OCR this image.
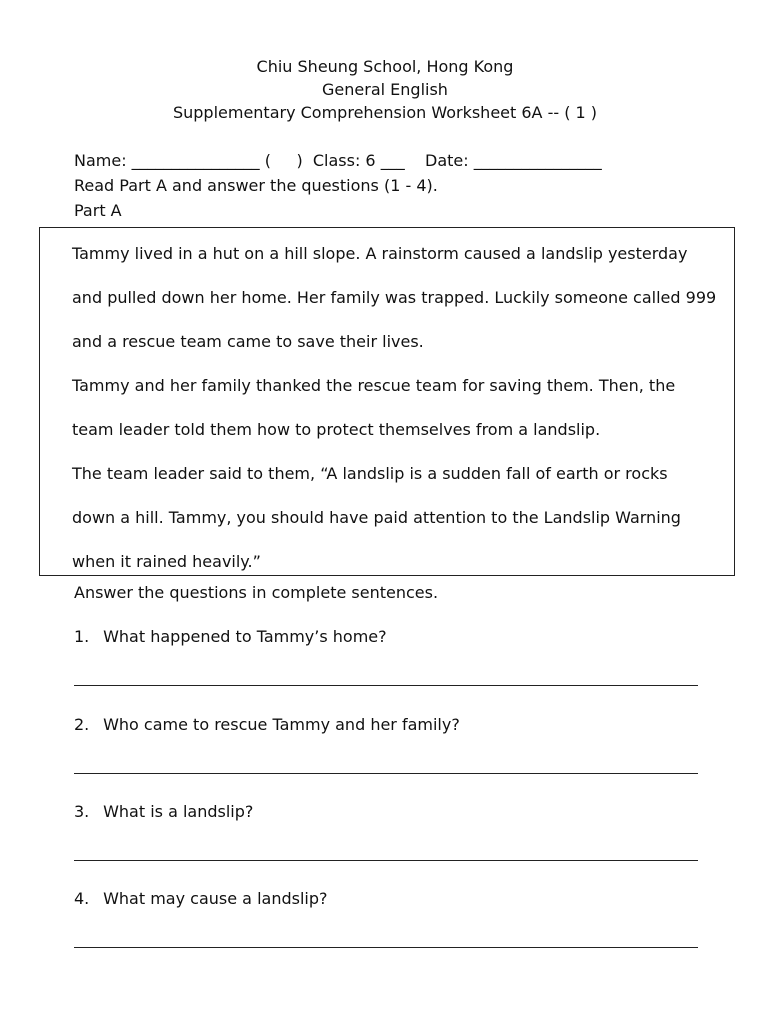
Chiu Sheung School, Hong Kong
General English
Supplementary Comprehension Worksheet 6A -- ( 1 )
Name: ________________ (     )  Class: 6 ___    Date: ________________
Read Part A and answer the questions (1 - 4).
Part A
Tammy lived in a hut on a hill slope. A rainstorm caused a landslip yesterday
and pulled down her home. Her family was trapped. Luckily someone called 999
and a rescue team came to save their lives.
Tammy and her family thanked the rescue team for saving them. Then, the
team leader told them how to protect themselves from a landslip.
The team leader said to them, “A landslip is a sudden fall of earth or rocks
down a hill. Tammy, you should have paid attention to the Landslip Warning
when it rained heavily.”
Answer the questions in complete sentences.
1. What happened to Tammy’s home?
2. Who came to rescue Tammy and her family?
3. What is a landslip?
4. What may cause a landslip?
